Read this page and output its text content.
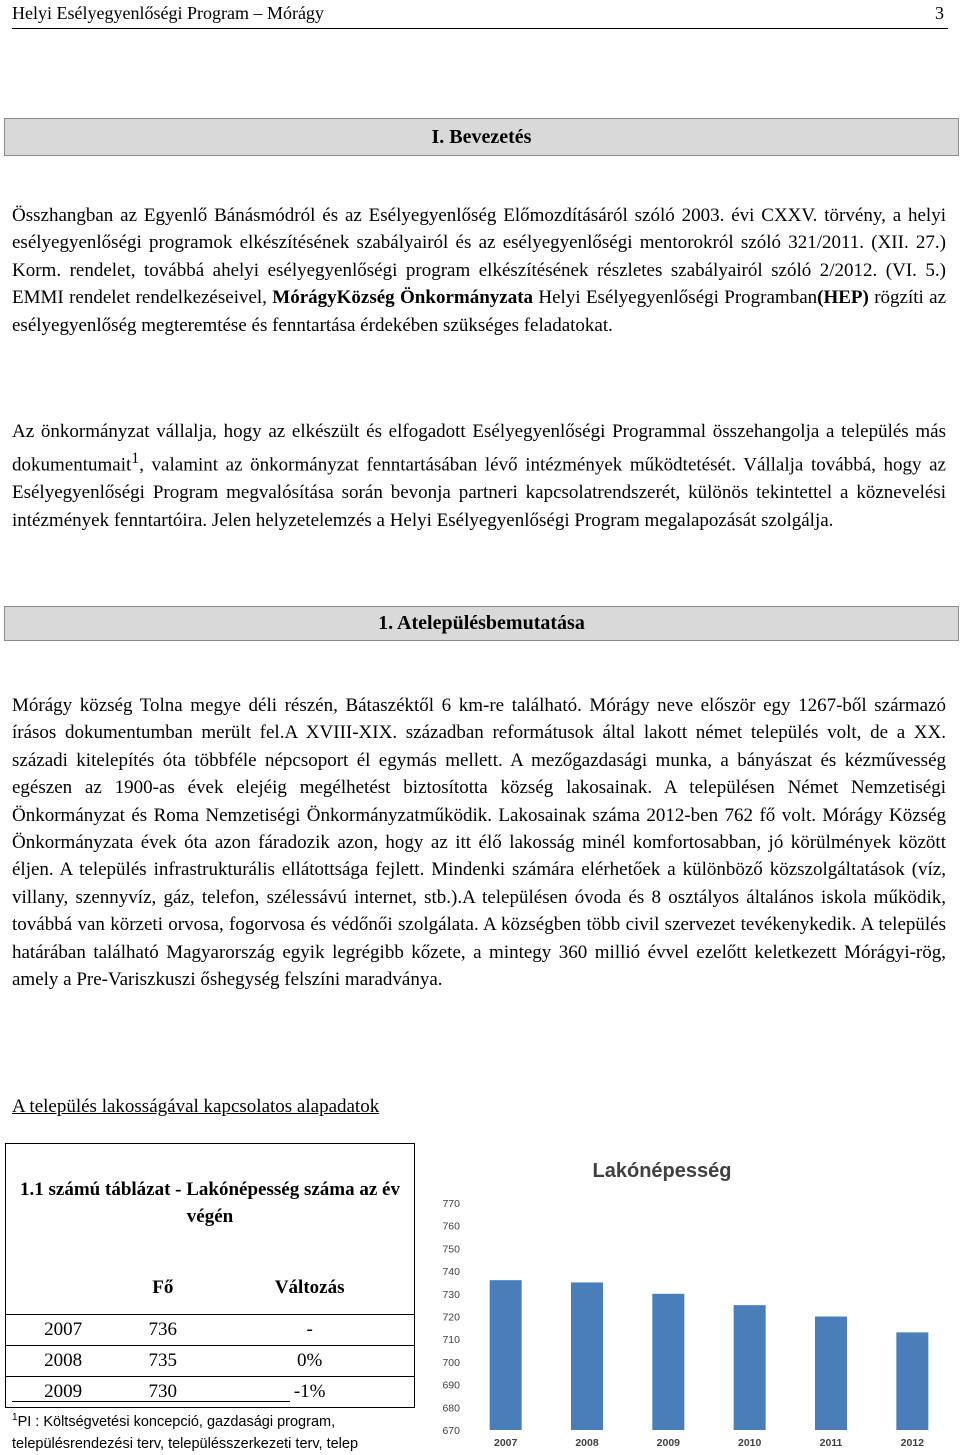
Helyi Esélyegyenlőségi Program – Mórágy	3
I. Bevezetés

Összhangban az Egyenlő Bánásmódról és az Esélyegyenlőség Előmozdításáról szóló 2003. évi CXXV. törvény, a helyi esélyegyenlőségi programok elkészítésének szabályairól és az esélyegyenlőségi mentorokról szóló 321/2011. (XII. 27.) Korm. rendelet, továbbá ahelyi esélyegyenlőségi program elkészítésének részletes szabályairól szóló 2/2012. (VI. 5.) EMMI rendelet rendelkezéseivel, MórágyKözség Önkormányzata Helyi Esélyegyenlőségi Programban(HEP) rögzíti az esélyegyenlőség megteremtése és fenntartása érdekében szükséges feladatokat.

Az önkormányzat vállalja, hogy az elkészült és elfogadott Esélyegyenlőségi Programmal összehangolja a település más dokumentumait$^1$, valamint az önkormányzat fenntartásában lévő intézmények működtetését. Vállalja továbbá, hogy az Esélyegyenlőségi Program megvalósítása során bevonja partneri kapcsolatrendszerét, különös tekintettel a köznevelési intézmények fenntartóira. Jelen helyzetelemzés a Helyi Esélyegyenlőségi Program megalapozását szolgálja.

1. Atelepülésbemutatása

Mórágy község Tolna megye déli részén, Bátaszéktől 6 km-re található. Mórágy neve először egy 1267-ből származó írásos dokumentumban merült fel.A XVIII-XIX. században reformátusok által lakott német település volt, de a XX. századi kitelepítés óta többféle népcsoport él egymás mellett. A mezőgazdasági munka, a bányászat és kézművesség egészen az 1900-as évek elejéig megélhetést biztosította község lakosainak. A településen Német Nemzetiségi Önkormányzat és Roma Nemzetiségi Önkormányzatműködik. Lakosainak száma 2012-ben 762 fő volt. Mórágy Község Önkormányzata évek óta azon fáradozik azon, hogy az itt élő lakosság minél komfortosabban, jó körülmények között éljen. A település infrastrukturális ellátottsága fejlett. Mindenki számára elérhetőek a különböző közszolgáltatások (víz, villany, szennyvíz, gáz, telefon, szélessávú internet, stb.).A településen óvoda és 8 osztályos általános iskola működik, továbbá van körzeti orvosa, fogorvosa és védőnői szolgálata. A községben több civil szervezet tevékenykedik. A település határában található Magyarország egyik legrégibb kőzete, a mintegy 360 millió évvel ezelőtt keletkezett Mórágyi-rög, amely a Pre-Variszkuszi őshegység felszíni maradványa.

A település lakosságával kapcsolatos alapadatok
1.1 számú táblázat - Lakónépesség száma az év végén		
	Fő	Változás
2007	736	-
2008	735	0%
2009	730	-1%
Lakónépesség
670
680
690
700
710
720
730
740
750
760
770
2007	2008	2009	2010	2011	2012
$^1$PI : Költségvetési koncepció, gazdasági program,
településrendezési terv, településszerkezeti terv, telep
